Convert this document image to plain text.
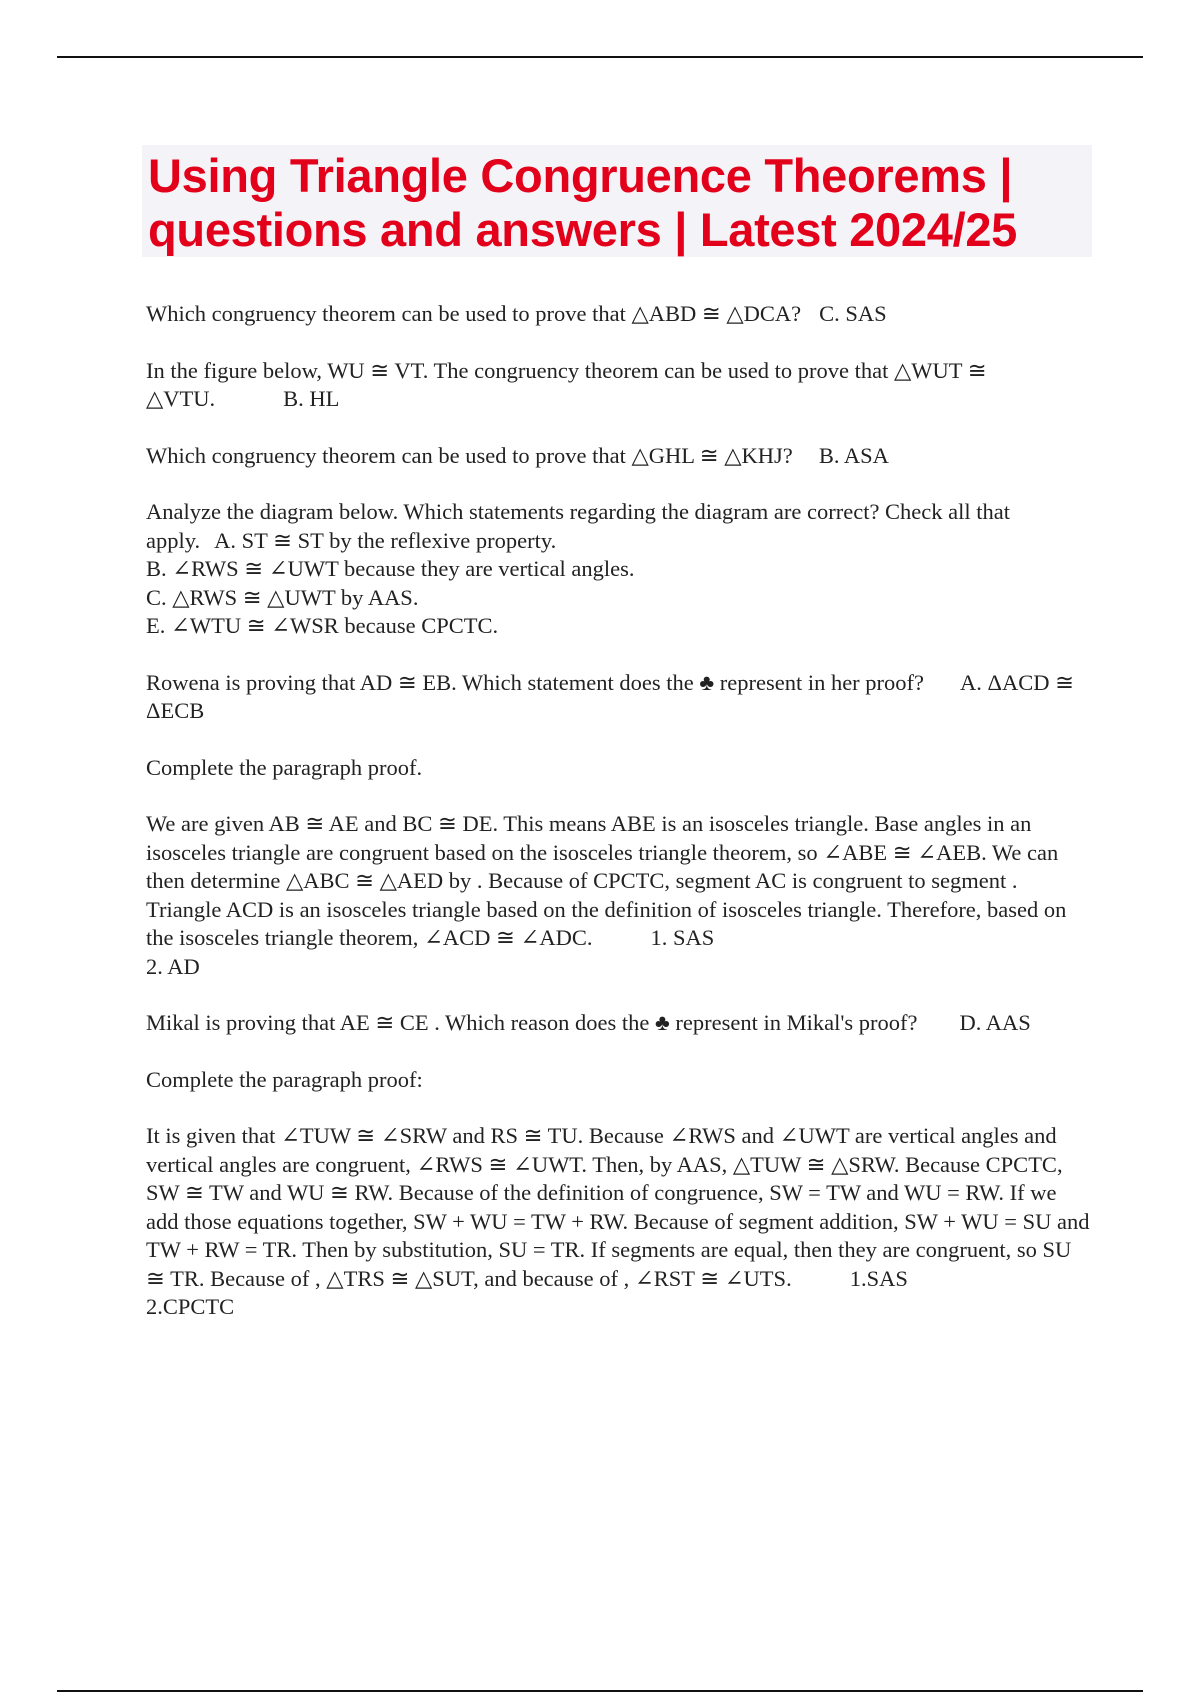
Using Triangle Congruence Theorems |
questions and answers | Latest 2024/25

Which congruency theorem can be used to prove that △ABD ≅ △DCA? C. SAS

In the figure below, WU ≅ VT. The congruency theorem can be used to prove that △WUT ≅ △VTU.	B. HL

Which congruency theorem can be used to prove that △GHL ≅ △KHJ? B. ASA

Analyze the diagram below. Which statements regarding the diagram are correct? Check all that apply. A. ST ≅ ST by the reflexive property.

B. ∠RWS ≅ ∠UWT because they are vertical angles.

C. △RWS ≅ △UWT by AAS.

E. ∠WTU ≅ ∠WSR because CPCTC.

Rowena is proving that AD ≅ EB. Which statement does the ♣ represent in her proof? A. ΔACD ≅ ΔECB

Complete the paragraph proof.

We are given AB ≅ AE and BC ≅ DE. This means ABE is an isosceles triangle. Base angles in an isosceles triangle are congruent based on the isosceles triangle theorem, so ∠ABE ≅ ∠AEB. We can then determine △ABC ≅ △AED by . Because of CPCTC, segment AC is congruent to segment . Triangle ACD is an isosceles triangle based on the definition of isosceles triangle. Therefore, based on the isosceles triangle theorem, ∠ACD ≅ ∠ADC.	1. SAS

2. AD

Mikal is proving that AE ≅ CE . Which reason does the ♣ represent in Mikal's proof? D. AAS

Complete the paragraph proof:

It is given that ∠TUW ≅ ∠SRW and RS ≅ TU. Because ∠RWS and ∠UWT are vertical angles and vertical angles are congruent, ∠RWS ≅ ∠UWT. Then, by AAS, △TUW ≅ △SRW. Because CPCTC, SW ≅ TW and WU ≅ RW. Because of the definition of congruence, SW = TW and WU = RW. If we add those equations together, SW + WU = TW + RW. Because of segment addition, SW + WU = SU and TW + RW = TR. Then by substitution, SU = TR. If segments are equal, then they are congruent, so SU ≅ TR. Because of , △TRS ≅ △SUT, and because of , ∠RST ≅ ∠UTS.	1.SAS

2.CPCTC
